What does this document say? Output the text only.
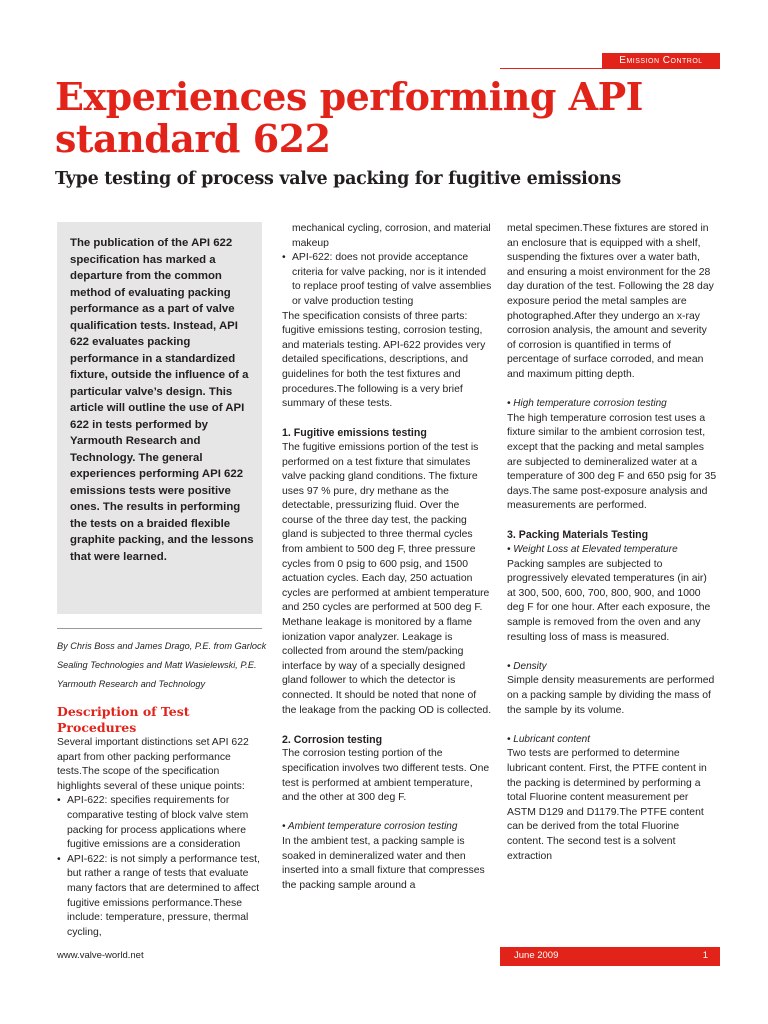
Emission Control
Experiences performing API standard 622
Type testing of process valve packing for fugitive emissions

The publication of the API 622 specification has marked a departure from the common method of evaluating packing performance as a part of valve qualification tests. Instead, API 622 evaluates packing performance in a standardized fixture, outside the influence of a particular valve’s design. This article will outline the use of API 622 in tests performed by Yarmouth Research and Technology. The general experiences performing API 622 emissions tests were positive ones. The results in performing the tests on a braided flexible graphite packing, and the lessons that were learned.

By Chris Boss and James Drago, P.E. from Garlock Sealing Technologies and Matt Wasielewski, P.E. Yarmouth Research and Technology

Description of Test Procedures

Several important distinctions set API 622 apart from other packing performance tests.The scope of the specification highlights several of these unique points:

• API-622: specifies requirements for comparative testing of block valve stem packing for process applications where fugitive emissions are a consideration
• API-622: is not simply a performance test, but rather a range of tests that evaluate many factors that are determined to affect fugitive emissions performance.These include: temperature, pressure, thermal cycling,
mechanical cycling, corrosion, and material makeup
• API-622: does not provide acceptance criteria for valve packing, nor is it intended to replace proof testing of valve assemblies or valve production testing

The specification consists of three parts: fugitive emissions testing, corrosion testing, and materials testing. API-622 provides very detailed specifications, descriptions, and guidelines for both the test fixtures and procedures.The following is a very brief summary of these tests.

1. Fugitive emissions testing

The fugitive emissions portion of the test is performed on a test fixture that simulates valve packing gland conditions. The fixture uses 97 % pure, dry methane as the detectable, pressurizing fluid. Over the course of the three day test, the packing gland is subjected to three thermal cycles from ambient to 500 deg F, three pressure cycles from 0 psig to 600 psig, and 1500 actuation cycles. Each day, 250 actuation cycles are performed at ambient temperature and 250 cycles are performed at 500 deg F. Methane leakage is monitored by a flame ionization vapor analyzer. Leakage is collected from around the stem/packing interface by way of a specially designed gland follower to which the detector is connected. It should be noted that none of the leakage from the packing OD is collected.

2. Corrosion testing

The corrosion testing portion of the specification involves two different tests. One test is performed at ambient temperature, and the other at 300 deg F.

• Ambient temperature corrosion testing

In the ambient test, a packing sample is soaked in demineralized water and then inserted into a small fixture that compresses the packing sample around a

metal specimen.These fixtures are stored in an enclosure that is equipped with a shelf, suspending the fixtures over a water bath, and ensuring a moist environment for the 28 day duration of the test. Following the 28 day exposure period the metal samples are photographed.After they undergo an x-ray corrosion analysis, the amount and severity of corrosion is quantified in terms of percentage of surface corroded, and mean and maximum pitting depth.

• High temperature corrosion testing

The high temperature corrosion test uses a fixture similar to the ambient corrosion test, except that the packing and metal samples are subjected to demineralized water at a temperature of 300 deg F and 650 psig for 35 days.The same post-exposure analysis and measurements are performed.

3. Packing Materials Testing

• Weight Loss at Elevated temperature

Packing samples are subjected to progressively elevated temperatures (in air) at 300, 500, 600, 700, 800, 900, and 1000 deg F for one hour. After each exposure, the sample is removed from the oven and any resulting loss of mass is measured.

• Density

Simple density measurements are performed on a packing sample by dividing the mass of the sample by its volume.

• Lubricant content

Two tests are performed to determine lubricant content. First, the PTFE content in the packing is determined by performing a total Fluorine content measurement per ASTM D129 and D1179.The PTFE content can be derived from the total Fluorine content. The second test is a solvent extraction

www.valve-world.net	June 2009	1
